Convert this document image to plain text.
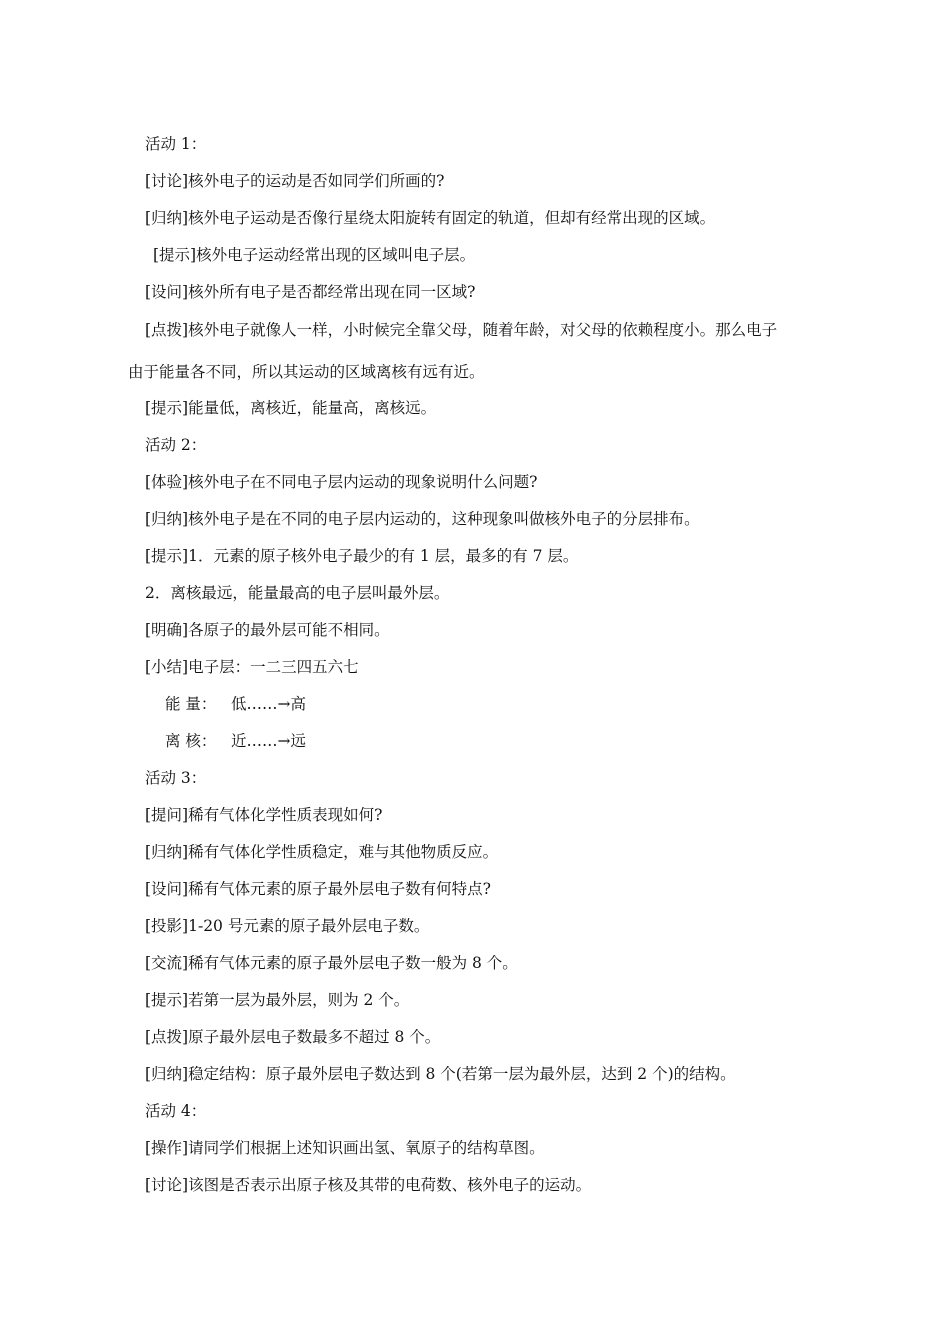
活动 1：
[讨论]核外电子的运动是否如同学们所画的?
[归纳]核外电子运动是否像行星绕太阳旋转有固定的轨道，但却有经常出现的区域。
[提示]核外电子运动经常出现的区域叫电子层。
[设问]核外所有电子是否都经常出现在同一区域?
[点拨]核外电子就像人一样，小时候完全靠父母，随着年龄，对父母的依赖程度小。那么电子
由于能量各不同，所以其运动的区域离核有远有近。
[提示]能量低，离核近，能量高，离核远。
活动 2：
[体验]核外电子在不同电子层内运动的现象说明什么问题?
[归纳]核外电子是在不同的电子层内运动的，这种现象叫做核外电子的分层排布。
[提示]1．元素的原子核外电子最少的有 1 层，最多的有 7 层。
2．离核最远，能量最高的电子层叫最外层。
[明确]各原子的最外层可能不相同。
[小结]电子层：一二三四五六七
能 量： 低……→高
离 核： 近……→远
活动 3：
[提问]稀有气体化学性质表现如何?
[归纳]稀有气体化学性质稳定，难与其他物质反应。
[设问]稀有气体元素的原子最外层电子数有何特点?
[投影]1-20 号元素的原子最外层电子数。
[交流]稀有气体元素的原子最外层电子数一般为 8 个。
[提示]若第一层为最外层，则为 2 个。
[点拨]原子最外层电子数最多不超过 8 个。
[归纳]稳定结构：原子最外层电子数达到 8 个(若第一层为最外层，达到 2 个)的结构。
活动 4：
[操作]请同学们根据上述知识画出氢、氧原子的结构草图。
[讨论]该图是否表示出原子核及其带的电荷数、核外电子的运动。
